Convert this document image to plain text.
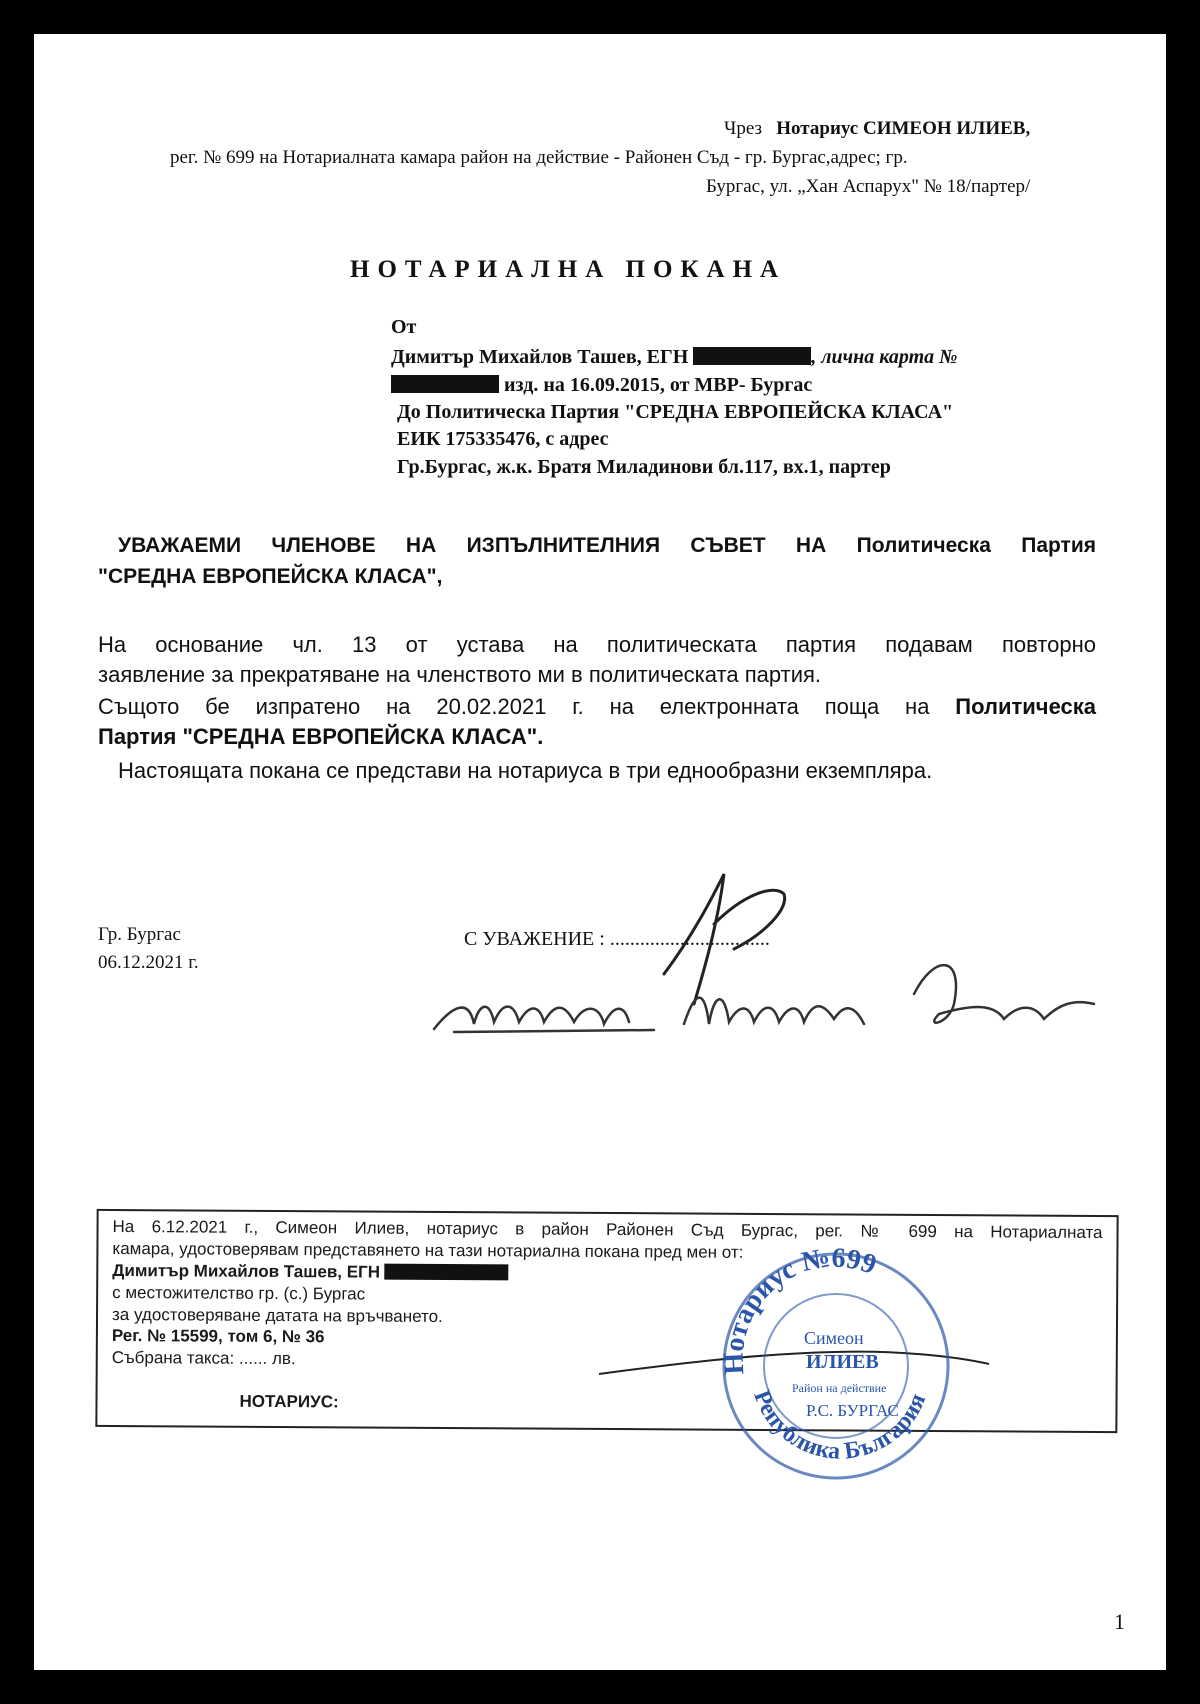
Чрез Нотариус СИМЕОН ИЛИЕВ,
рег. № 699 на Нотариалната камара район на действие - Районен Съд - гр. Бургас,адрес; гр.
Бургас, ул. „Хан Аспарух" № 18/партер/
НОТАРИАЛНА ПОКАНА
От
Димитър Михайлов Ташев, ЕГН	, лична карта №
изд. на 16.09.2015, от МВР- Бургас
До Политическа Партия "СРЕДНА ЕВРОПЕЙСКА КЛАСА"
ЕИК 175335476, с адрес
Гр.Бургас, ж.к. Братя Миладинови бл.117, вх.1, партер
УВАЖАЕМИ ЧЛЕНОВЕ НА ИЗПЪЛНИТЕЛНИЯ СЪВЕТ НА Политическа Партия
"СРЕДНА ЕВРОПЕЙСКА КЛАСА",
На основание чл. 13 от устава на политическата партия подавам повторно
заявление за прекратяване на членството ми в политическата партия.
Същото бе изпратено на 20.02.2021 г. на електронната поща на Политическа
Партия "СРЕДНА ЕВРОПЕЙСКА КЛАСА".
Настоящата покана се представи на нотариуса в три еднообразни екземпляра.
Гр. Бургас
06.12.2021 г.
С УВАЖЕНИЕ : ................................
На 6.12.2021 г., Симеон Илиев, нотариус в район Районен Съд Бургас, рег. № 699 на Нотариалната
камара, удостоверявам представянето на тази нотариална покана пред мен от:
Димитър Михайлов Ташев, ЕГН
с местожителство гр. (с.) Бургас
за удостоверяване датата на връчването.
Рег. № 15599, том 6, № 36
Събрана такса: ...... лв.
НОТАРИУС:
Нотариус №699
Република България
Симеон
ИЛИЕВ
Район на действие
Р.С. БУРГАС
1
